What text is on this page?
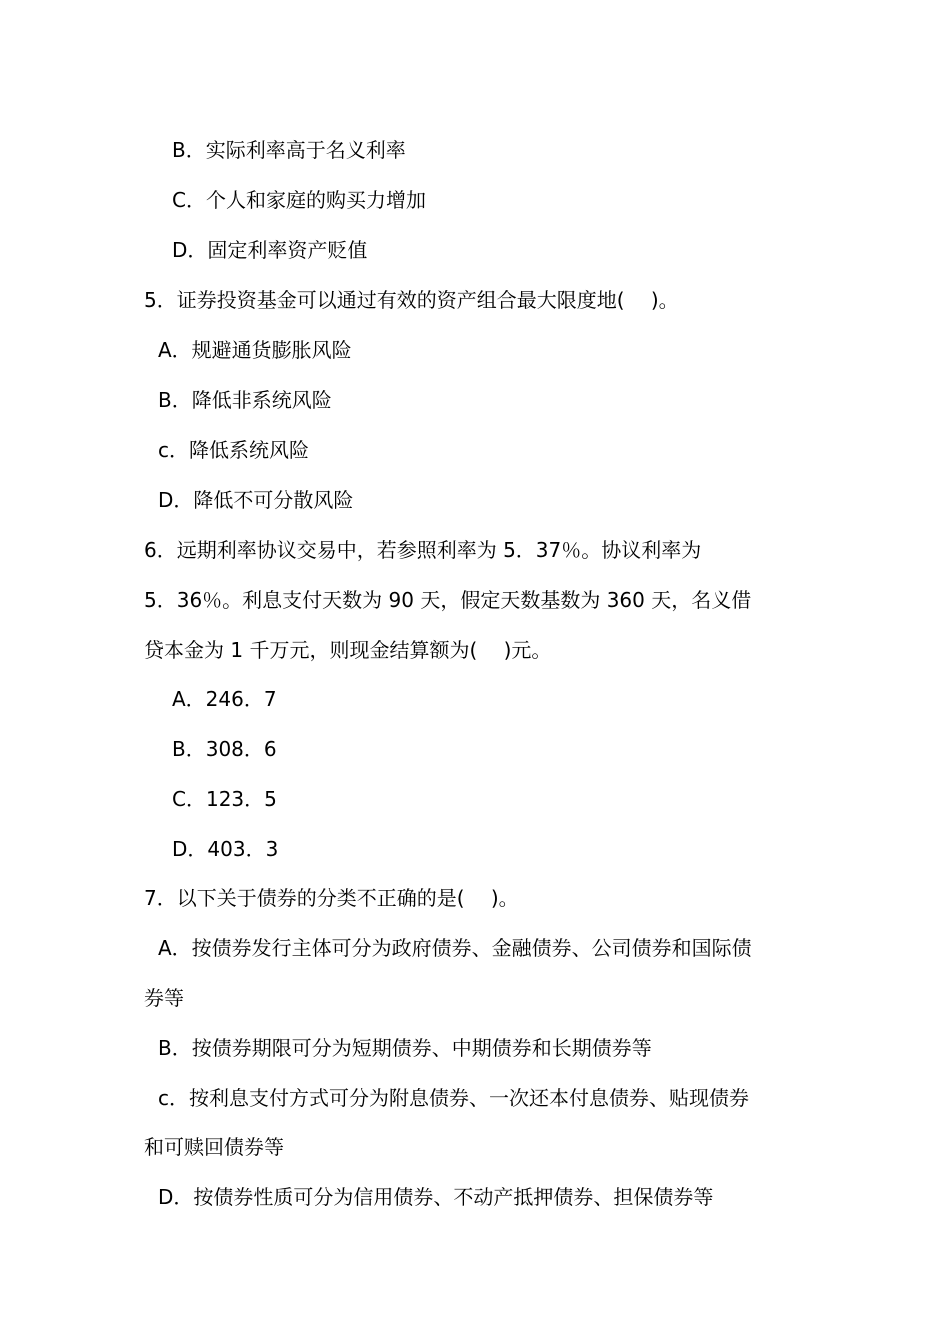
B．实际利率高于名义利率
C．个人和家庭的购买力增加
D．固定利率资产贬值
5．证券投资基金可以通过有效的资产组合最大限度地(　 )。
A．规避通货膨胀风险
B．降低非系统风险
c．降低系统风险
D．降低不可分散风险
6．远期利率协议交易中，若参照利率为 5．37％。协议利率为
5．36％。利息支付天数为 90 天，假定天数基数为 360 天，名义借
贷本金为 1 千万元，则现金结算额为(　 )元。
A．246．7
B．308．6
C．123．5
D．403．3
7．以下关于债券的分类不正确的是(　 )。
A．按债券发行主体可分为政府债券、金融债券、公司债券和国际债
券等
B．按债券期限可分为短期债券、中期债券和长期债券等
c．按利息支付方式可分为附息债券、一次还本付息债券、贴现债券
和可赎回债券等
D．按债券性质可分为信用债券、不动产抵押债券、担保债券等
